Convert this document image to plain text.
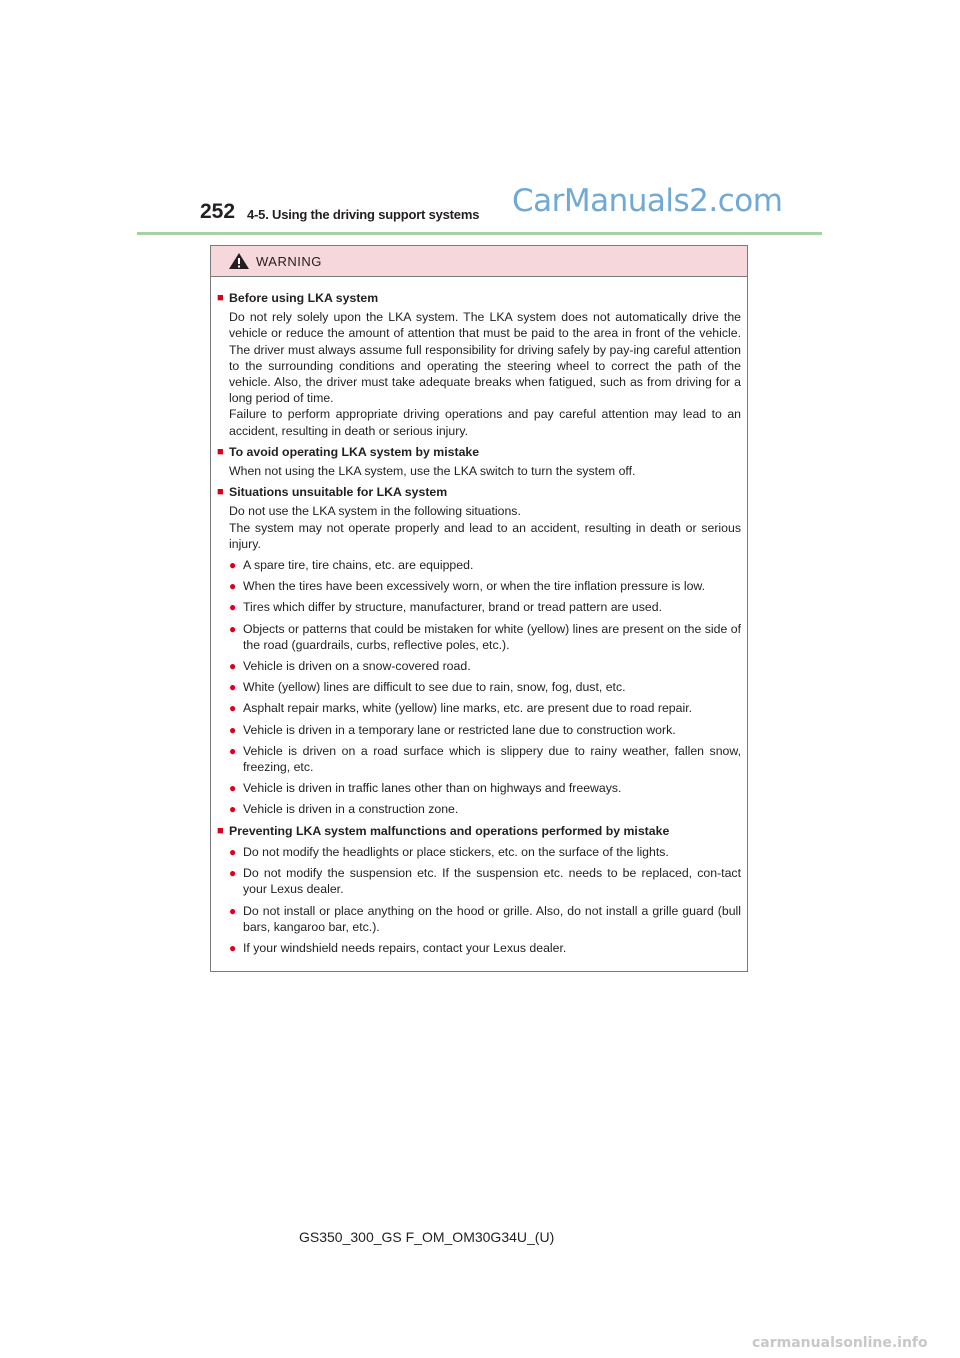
252 4-5. Using the driving support systems CarManuals2.com
WARNING
■ Before using LKA system
Do not rely solely upon the LKA system. The LKA system does not automatically drive the vehicle or reduce the amount of attention that must be paid to the area in front of the vehicle. The driver must always assume full responsibility for driving safely by pay-ing careful attention to the surrounding conditions and operating the steering wheel to correct the path of the vehicle. Also, the driver must take adequate breaks when fatigued, such as from driving for a long period of time.
Failure to perform appropriate driving operations and pay careful attention may lead to an accident, resulting in death or serious injury.
■ To avoid operating LKA system by mistake
When not using the LKA system, use the LKA switch to turn the system off.
■ Situations unsuitable for LKA system
Do not use the LKA system in the following situations.
The system may not operate properly and lead to an accident, resulting in death or serious injury.
● A spare tire, tire chains, etc. are equipped.
● When the tires have been excessively worn, or when the tire inflation pressure is low.
● Tires which differ by structure, manufacturer, brand or tread pattern are used.
● Objects or patterns that could be mistaken for white (yellow) lines are present on the side of the road (guardrails, curbs, reflective poles, etc.).
● Vehicle is driven on a snow-covered road.
● White (yellow) lines are difficult to see due to rain, snow, fog, dust, etc.
● Asphalt repair marks, white (yellow) line marks, etc. are present due to road repair.
● Vehicle is driven in a temporary lane or restricted lane due to construction work.
● Vehicle is driven on a road surface which is slippery due to rainy weather, fallen snow, freezing, etc.
● Vehicle is driven in traffic lanes other than on highways and freeways.
● Vehicle is driven in a construction zone.
■ Preventing LKA system malfunctions and operations performed by mistake
● Do not modify the headlights or place stickers, etc. on the surface of the lights.
● Do not modify the suspension etc. If the suspension etc. needs to be replaced, con-tact your Lexus dealer.
● Do not install or place anything on the hood or grille. Also, do not install a grille guard (bull bars, kangaroo bar, etc.).
● If your windshield needs repairs, contact your Lexus dealer.
GS350_300_GS F_OM_OM30G34U_(U)
carmanualsonline.info
